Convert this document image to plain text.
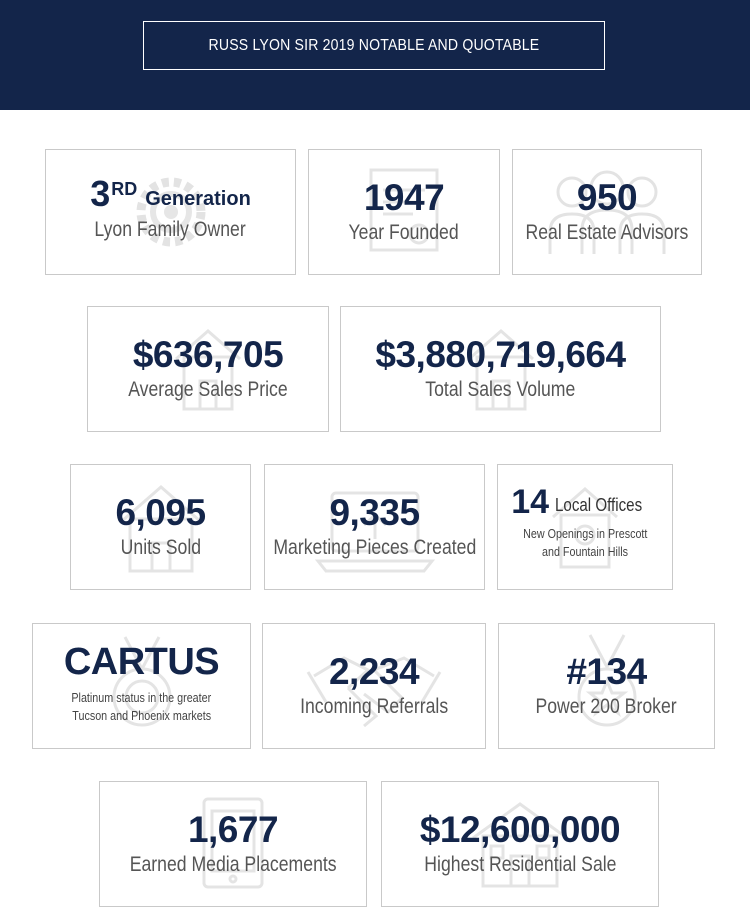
RUSS LYON SIR 2019 NOTABLE AND QUOTABLE
3 RD Generation
Lyon Family Owner
1947
Year Founded
950
Real Estate Advisors
$636,705
Average Sales Price
$3,880,719,664
Total Sales Volume
6,095
Units Sold
9,335
Marketing Pieces Created
14 Local Offices
New Openings in Prescott
and Fountain Hills
CARTUS
Platinum status in the greater
Tucson and Phoenix markets
2,234
Incoming Referrals
#134
Power 200 Broker
1,677
Earned Media Placements
$12,600,000
Highest Residential Sale
